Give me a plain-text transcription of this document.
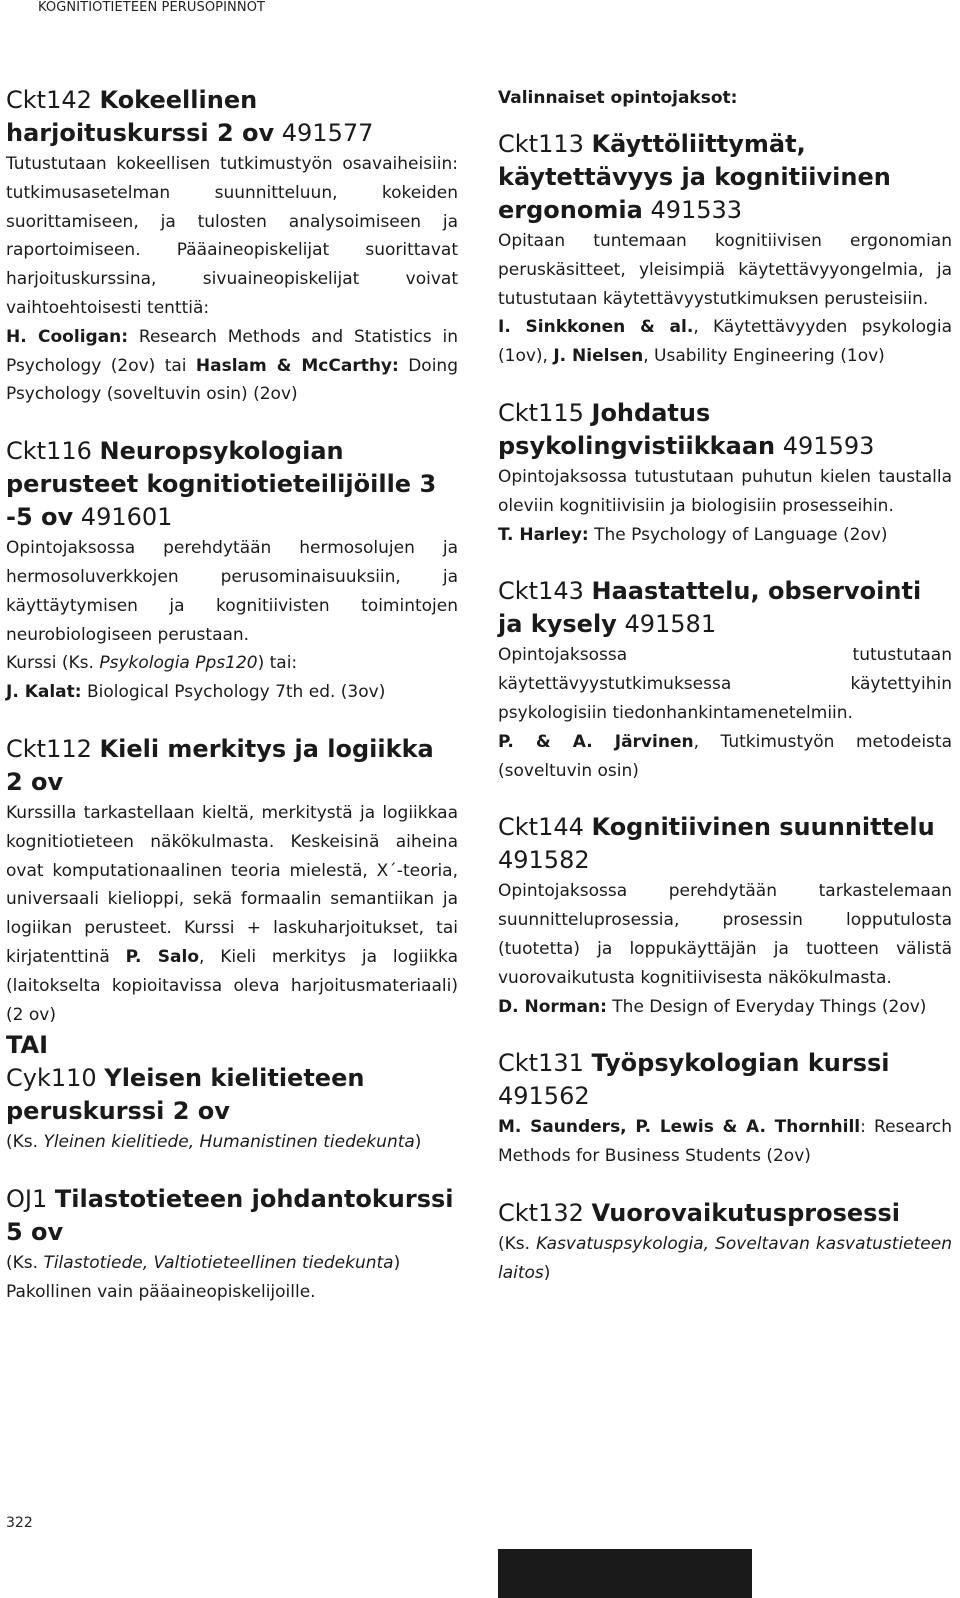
KOGNITIOTIETEEN PERUSOPINNOT

Ckt142 Kokeellinen harjoituskurssi 2 ov 491577

Tutustutaan kokeellisen tutkimustyön osavaiheisiin: tutkimusasetelman suunnitteluun, kokeiden suorittamiseen, ja tulosten analysoimiseen ja raportoimiseen. Pääaineopiskelijat suorittavat harjoituskurssina, sivuaineopiskelijat voivat vaihtoehtoisesti tenttiä:
H. Cooligan: Research Methods and Statistics in Psychology (2ov) tai Haslam & McCarthy: Doing Psychology (soveltuvin osin) (2ov)

Ckt116 Neuropsykologian perusteet kognitiotieteilijöille 3 -5 ov 491601

Opintojaksossa perehdytään hermosolujen ja hermosoluverkkojen perusominaisuuksiin, ja käyttäytymisen ja kognitiivisten toimintojen neurobiologiseen perustaan.
Kurssi (Ks. Psykologia Pps120) tai:
J. Kalat: Biological Psychology 7th ed. (3ov)

Ckt112 Kieli merkitys ja logiikka 2 ov

Kurssilla tarkastellaan kieltä, merkitystä ja logiikkaa kognitiotieteen näkökulmasta. Keskeisinä aiheina ovat komputationaalinen teoria mielestä, X´-teoria, universaali kielioppi, sekä formaalin semantiikan ja logiikan perusteet. Kurssi + laskuharjoitukset, tai kirjatenttinä P. Salo, Kieli merkitys ja logiikka (laitokselta kopioitavissa oleva harjoitusmateriaali) (2 ov)

TAI

Cyk110 Yleisen kielitieteen peruskurssi 2 ov

(Ks. Yleinen kielitiede, Humanistinen tiedekunta)

OJ1 Tilastotieteen johdantokurssi 5 ov

(Ks. Tilastotiede, Valtiotieteellinen tiedekunta)
Pakollinen vain pääaineopiskelijoille.

Valinnaiset opintojaksot:

Ckt113 Käyttöliittymät, käytettävyys ja kognitiivinen ergonomia 491533

Opitaan tuntemaan kognitiivisen ergonomian peruskäsitteet, yleisimpiä käytettävyyongelmia, ja tutustutaan käytettävyystutkimuksen perusteisiin.
I. Sinkkonen & al., Käytettävyyden psykologia (1ov), J. Nielsen, Usability Engineering (1ov)

Ckt115 Johdatus psykolingvistiikkaan 491593

Opintojaksossa tutustutaan puhutun kielen taustalla oleviin kognitiivisiin ja biologisiin prosesseihin.
T. Harley: The Psychology of Language (2ov)

Ckt143 Haastattelu, observointi ja kysely 491581

Opintojaksossa tutustutaan käytettävyystutkimuksessa käytettyihin psykologisiin tiedonhankintamenetelmiin.
P. & A. Järvinen, Tutkimustyön metodeista (soveltuvin osin)

Ckt144 Kognitiivinen suunnittelu 491582

Opintojaksossa perehdytään tarkastelemaan suunnitteluprosessia, prosessin lopputulosta (tuotetta) ja loppukäyttäjän ja tuotteen välistä vuorovaikutusta kognitiivisesta näkökulmasta.
D. Norman: The Design of Everyday Things (2ov)

Ckt131 Työpsykologian kurssi 491562

M. Saunders, P. Lewis & A. Thornhill: Research Methods for Business Students (2ov)

Ckt132 Vuorovaikutusprosessi

(Ks. Kasvatuspsykologia, Soveltavan kasvatustieteen laitos)

322
